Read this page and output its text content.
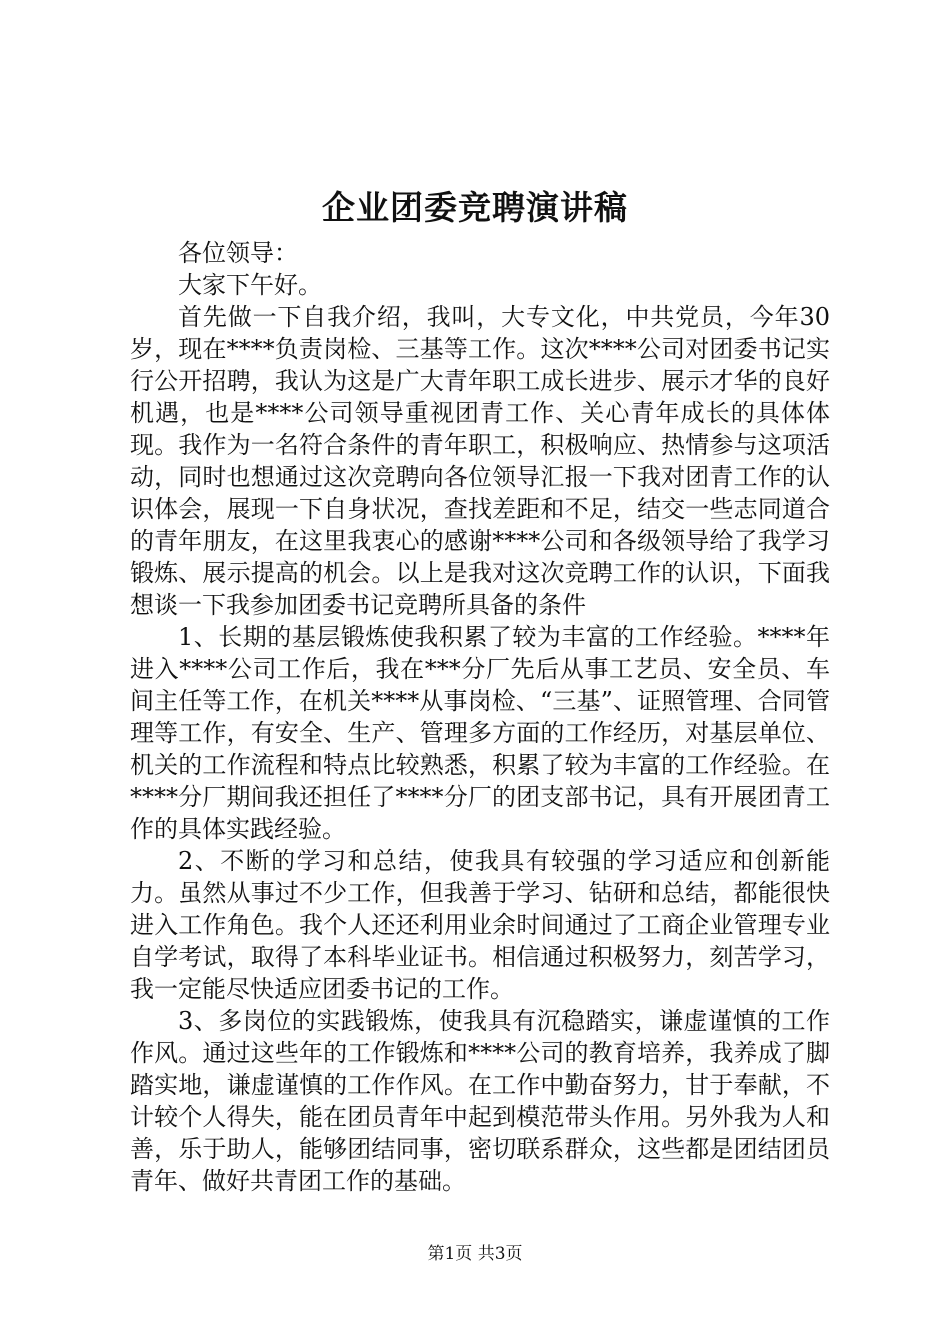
企业团委竞聘演讲稿

各位领导：

大家下午好。

首先做一下自我介绍，我叫，大专文化，中共党员，今年30岁，现在****负责岗检、三基等工作。这次****公司对团委书记实行公开招聘，我认为这是广大青年职工成长进步、展示才华的良好机遇，也是****公司领导重视团青工作、关心青年成长的具体体现。我作为一名符合条件的青年职工，积极响应、热情参与这项活动，同时也想通过这次竞聘向各位领导汇报一下我对团青工作的认识体会，展现一下自身状况，查找差距和不足，结交一些志同道合的青年朋友，在这里我衷心的感谢****公司和各级领导给了我学习锻炼、展示提高的机会。以上是我对这次竞聘工作的认识，下面我想谈一下我参加团委书记竞聘所具备的条件

1、长期的基层锻炼使我积累了较为丰富的工作经验。****年进入****公司工作后，我在***分厂先后从事工艺员、安全员、车间主任等工作，在机关****从事岗检、“三基”、证照管理、合同管理等工作，有安全、生产、管理多方面的工作经历，对基层单位、机关的工作流程和特点比较熟悉，积累了较为丰富的工作经验。在****分厂期间我还担任了****分厂的团支部书记，具有开展团青工作的具体实践经验。

2、不断的学习和总结，使我具有较强的学习适应和创新能力。虽然从事过不少工作，但我善于学习、钻研和总结，都能很快进入工作角色。我个人还还利用业余时间通过了工商企业管理专业自学考试，取得了本科毕业证书。相信通过积极努力，刻苦学习，我一定能尽快适应团委书记的工作。

3、多岗位的实践锻炼，使我具有沉稳踏实，谦虚谨慎的工作作风。通过这些年的工作锻炼和****公司的教育培养，我养成了脚踏实地，谦虚谨慎的工作作风。在工作中勤奋努力，甘于奉献，不计较个人得失，能在团员青年中起到模范带头作用。另外我为人和善，乐于助人，能够团结同事，密切联系群众，这些都是团结团员青年、做好共青团工作的基础。

第1页 共3页
